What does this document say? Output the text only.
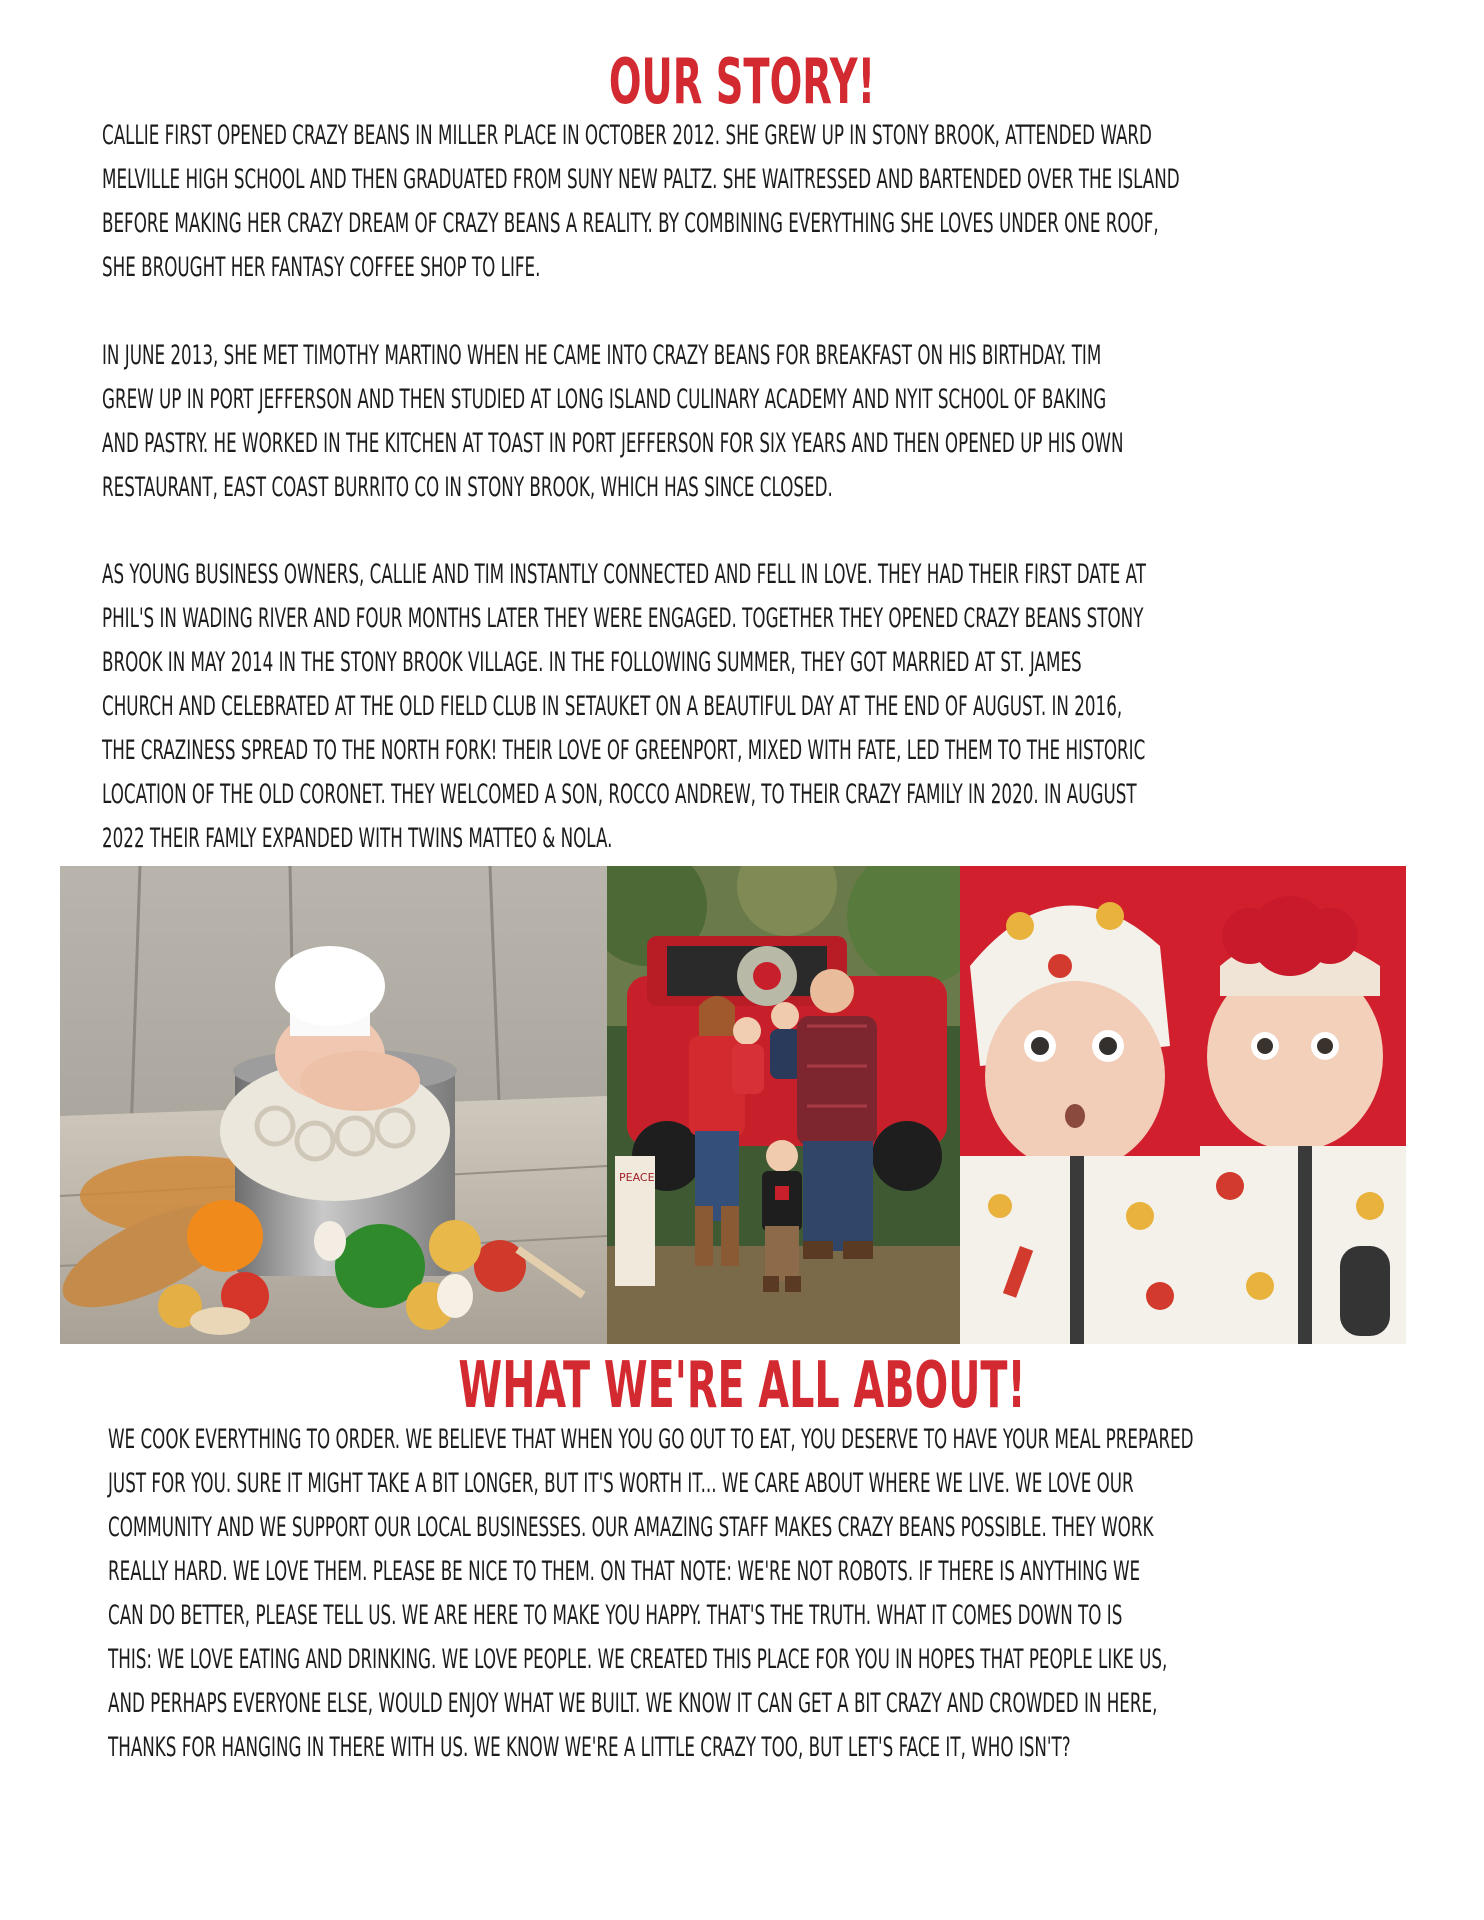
OUR STORY!
CALLIE FIRST OPENED CRAZY BEANS IN MILLER PLACE IN OCTOBER 2012. SHE GREW UP IN STONY BROOK, ATTENDED WARD
MELVILLE HIGH SCHOOL AND THEN GRADUATED FROM SUNY NEW PALTZ. SHE WAITRESSED AND BARTENDED OVER THE ISLAND
BEFORE MAKING HER CRAZY DREAM OF CRAZY BEANS A REALITY. BY COMBINING EVERYTHING SHE LOVES UNDER ONE ROOF,
SHE BROUGHT HER FANTASY COFFEE SHOP TO LIFE.
IN JUNE 2013, SHE MET TIMOTHY MARTINO WHEN HE CAME INTO CRAZY BEANS FOR BREAKFAST ON HIS BIRTHDAY. TIM
GREW UP IN PORT JEFFERSON AND THEN STUDIED AT LONG ISLAND CULINARY ACADEMY AND NYIT SCHOOL OF BAKING
AND PASTRY. HE WORKED IN THE KITCHEN AT TOAST IN PORT JEFFERSON FOR SIX YEARS AND THEN OPENED UP HIS OWN
RESTAURANT, EAST COAST BURRITO CO IN STONY BROOK, WHICH HAS SINCE CLOSED.
AS YOUNG BUSINESS OWNERS, CALLIE AND TIM INSTANTLY CONNECTED AND FELL IN LOVE. THEY HAD THEIR FIRST DATE AT
PHIL'S IN WADING RIVER AND FOUR MONTHS LATER THEY WERE ENGAGED. TOGETHER THEY OPENED CRAZY BEANS STONY
BROOK IN MAY 2014 IN THE STONY BROOK VILLAGE. IN THE FOLLOWING SUMMER, THEY GOT MARRIED AT ST. JAMES
CHURCH AND CELEBRATED AT THE OLD FIELD CLUB IN SETAUKET ON A BEAUTIFUL DAY AT THE END OF AUGUST. IN 2016,
THE CRAZINESS SPREAD TO THE NORTH FORK! THEIR LOVE OF GREENPORT, MIXED WITH FATE, LED THEM TO THE HISTORIC
LOCATION OF THE OLD CORONET. THEY WELCOMED A SON, ROCCO ANDREW, TO THEIR CRAZY FAMILY IN 2020. IN AUGUST
2022 THEIR FAMLY EXPANDED WITH TWINS MATTEO & NOLA.
PEACE
WHAT WE'RE ALL ABOUT!
WE COOK EVERYTHING TO ORDER. WE BELIEVE THAT WHEN YOU GO OUT TO EAT, YOU DESERVE TO HAVE YOUR MEAL PREPARED
JUST FOR YOU. SURE IT MIGHT TAKE A BIT LONGER, BUT IT'S WORTH IT... WE CARE ABOUT WHERE WE LIVE. WE LOVE OUR
COMMUNITY AND WE SUPPORT OUR LOCAL BUSINESSES. OUR AMAZING STAFF MAKES CRAZY BEANS POSSIBLE. THEY WORK
REALLY HARD. WE LOVE THEM. PLEASE BE NICE TO THEM. ON THAT NOTE: WE'RE NOT ROBOTS. IF THERE IS ANYTHING WE
CAN DO BETTER, PLEASE TELL US. WE ARE HERE TO MAKE YOU HAPPY. THAT'S THE TRUTH. WHAT IT COMES DOWN TO IS
THIS: WE LOVE EATING AND DRINKING. WE LOVE PEOPLE. WE CREATED THIS PLACE FOR YOU IN HOPES THAT PEOPLE LIKE US,
AND PERHAPS EVERYONE ELSE, WOULD ENJOY WHAT WE BUILT. WE KNOW IT CAN GET A BIT CRAZY AND CROWDED IN HERE,
THANKS FOR HANGING IN THERE WITH US. WE KNOW WE'RE A LITTLE CRAZY TOO, BUT LET'S FACE IT, WHO ISN'T?
